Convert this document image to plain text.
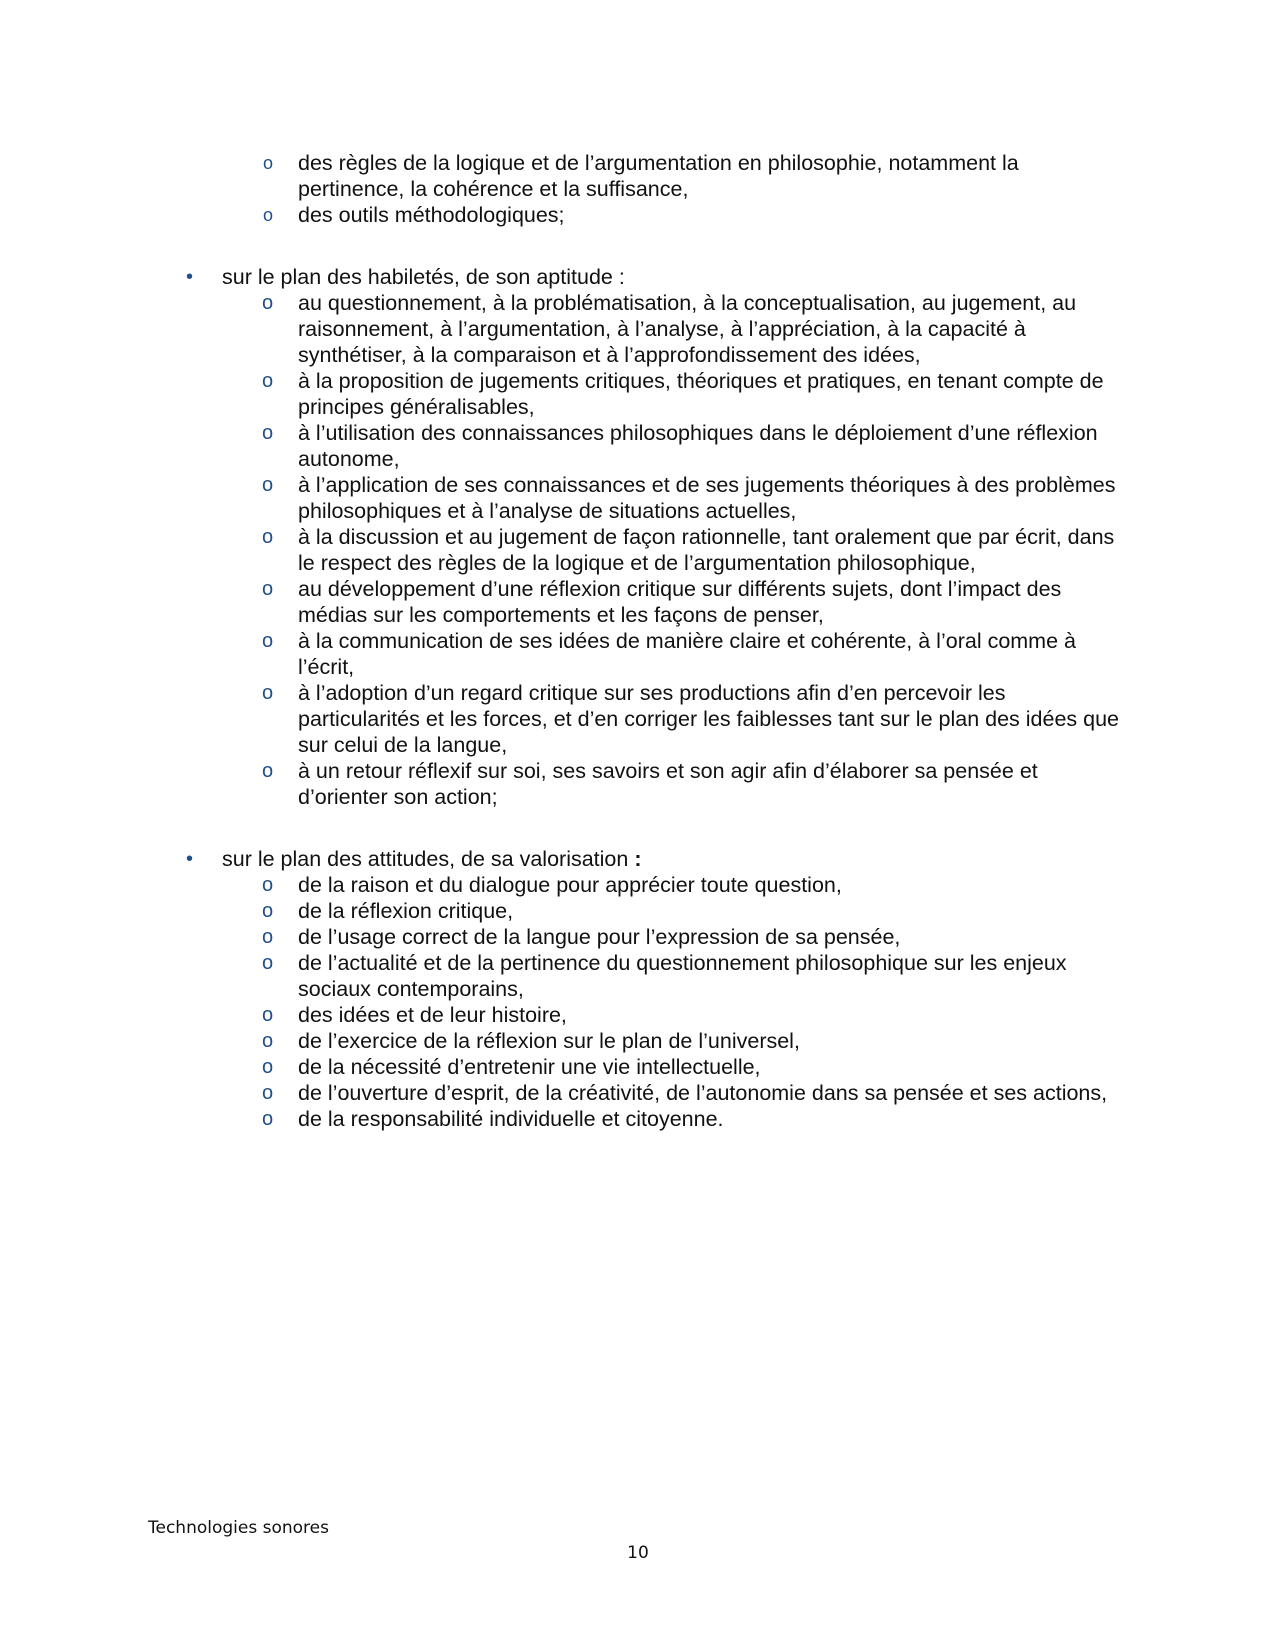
o des règles de la logique et de l’argumentation en philosophie, notamment la pertinence, la cohérence et la suffisance,
o des outils méthodologiques;
• sur le plan des habiletés, de son aptitude :
o au questionnement, à la problématisation, à la conceptualisation, au jugement, au raisonnement, à l’argumentation, à l’analyse, à l’appréciation, à la capacité à synthétiser, à la comparaison et à l’approfondissement des idées,
o à la proposition de jugements critiques, théoriques et pratiques, en tenant compte de principes généralisables,
o à l’utilisation des connaissances philosophiques dans le déploiement d’une réflexion autonome,
o à l’application de ses connaissances et de ses jugements théoriques à des problèmes philosophiques et à l’analyse de situations actuelles,
o à la discussion et au jugement de façon rationnelle, tant oralement que par écrit, dans le respect des règles de la logique et de l’argumentation philosophique,
o au développement d’une réflexion critique sur différents sujets, dont l’impact des médias sur les comportements et les façons de penser,
o à la communication de ses idées de manière claire et cohérente, à l’oral comme à l’écrit,
o à l’adoption d’un regard critique sur ses productions afin d’en percevoir les particularités et les forces, et d’en corriger les faiblesses tant sur le plan des idées que sur celui de la langue,
o à un retour réflexif sur soi, ses savoirs et son agir afin d’élaborer sa pensée et d’orienter son action;
• sur le plan des attitudes, de sa valorisation :
o de la raison et du dialogue pour apprécier toute question,
o de la réflexion critique,
o de l’usage correct de la langue pour l’expression de sa pensée,
o de l’actualité et de la pertinence du questionnement philosophique sur les enjeux sociaux contemporains,
o des idées et de leur histoire,
o de l’exercice de la réflexion sur le plan de l’universel,
o de la nécessité d’entretenir une vie intellectuelle,
o de l’ouverture d’esprit, de la créativité, de l’autonomie dans sa pensée et ses actions,
o de la responsabilité individuelle et citoyenne.
Technologies sonores
10
